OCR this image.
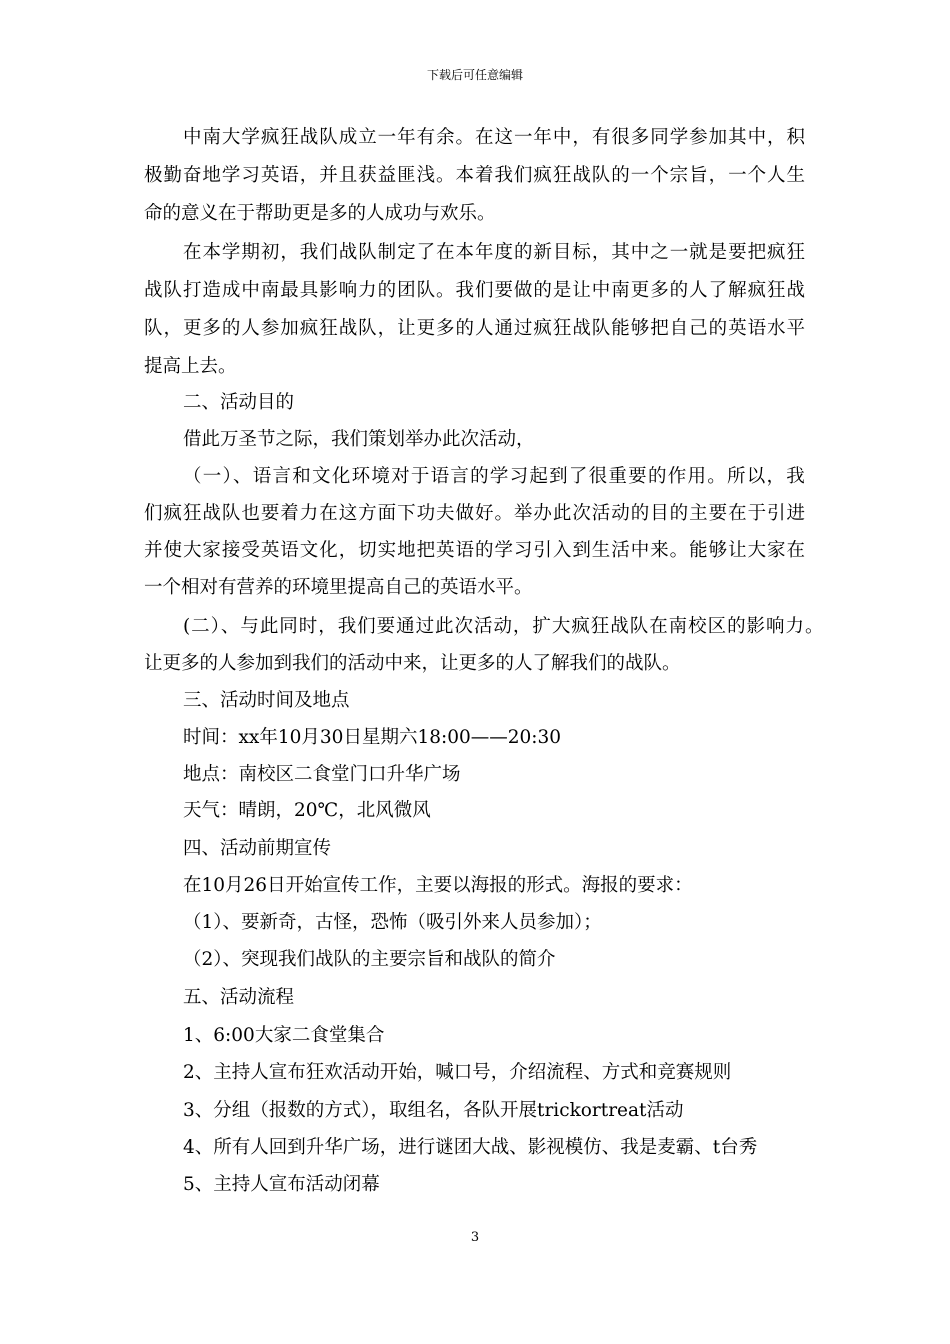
下载后可任意编辑
中南大学疯狂战队成立一年有余。在这一年中，有很多同学参加其中，积
极勤奋地学习英语，并且获益匪浅。本着我们疯狂战队的一个宗旨，一个人生
命的意义在于帮助更是多的人成功与欢乐。
在本学期初，我们战队制定了在本年度的新目标，其中之一就是要把疯狂
战队打造成中南最具影响力的团队。我们要做的是让中南更多的人了解疯狂战
队，更多的人参加疯狂战队，让更多的人通过疯狂战队能够把自己的英语水平
提高上去。
二、活动目的
借此万圣节之际，我们策划举办此次活动，
（一）、语言和文化环境对于语言的学习起到了很重要的作用。所以，我
们疯狂战队也要着力在这方面下功夫做好。举办此次活动的目的主要在于引进
并使大家接受英语文化，切实地把英语的学习引入到生活中来。能够让大家在
一个相对有营养的环境里提高自己的英语水平。
(二）、与此同时，我们要通过此次活动，扩大疯狂战队在南校区的影响力。
让更多的人参加到我们的活动中来，让更多的人了解我们的战队。
三、活动时间及地点
时间：xx年10月30日星期六18:00——20:30
地点：南校区二食堂门口升华广场
天气：晴朗，20℃，北风微风
四、活动前期宣传
在10月26日开始宣传工作，主要以海报的形式。海报的要求：
（1）、要新奇，古怪，恐怖（吸引外来人员参加）；
（2）、突现我们战队的主要宗旨和战队的简介
五、活动流程
1、6:00大家二食堂集合
2、主持人宣布狂欢活动开始，喊口号，介绍流程、方式和竞赛规则
3、分组（报数的方式），取组名，各队开展trickortreat活动
4、所有人回到升华广场，进行谜团大战、影视模仿、我是麦霸、t台秀
5、主持人宣布活动闭幕
3
